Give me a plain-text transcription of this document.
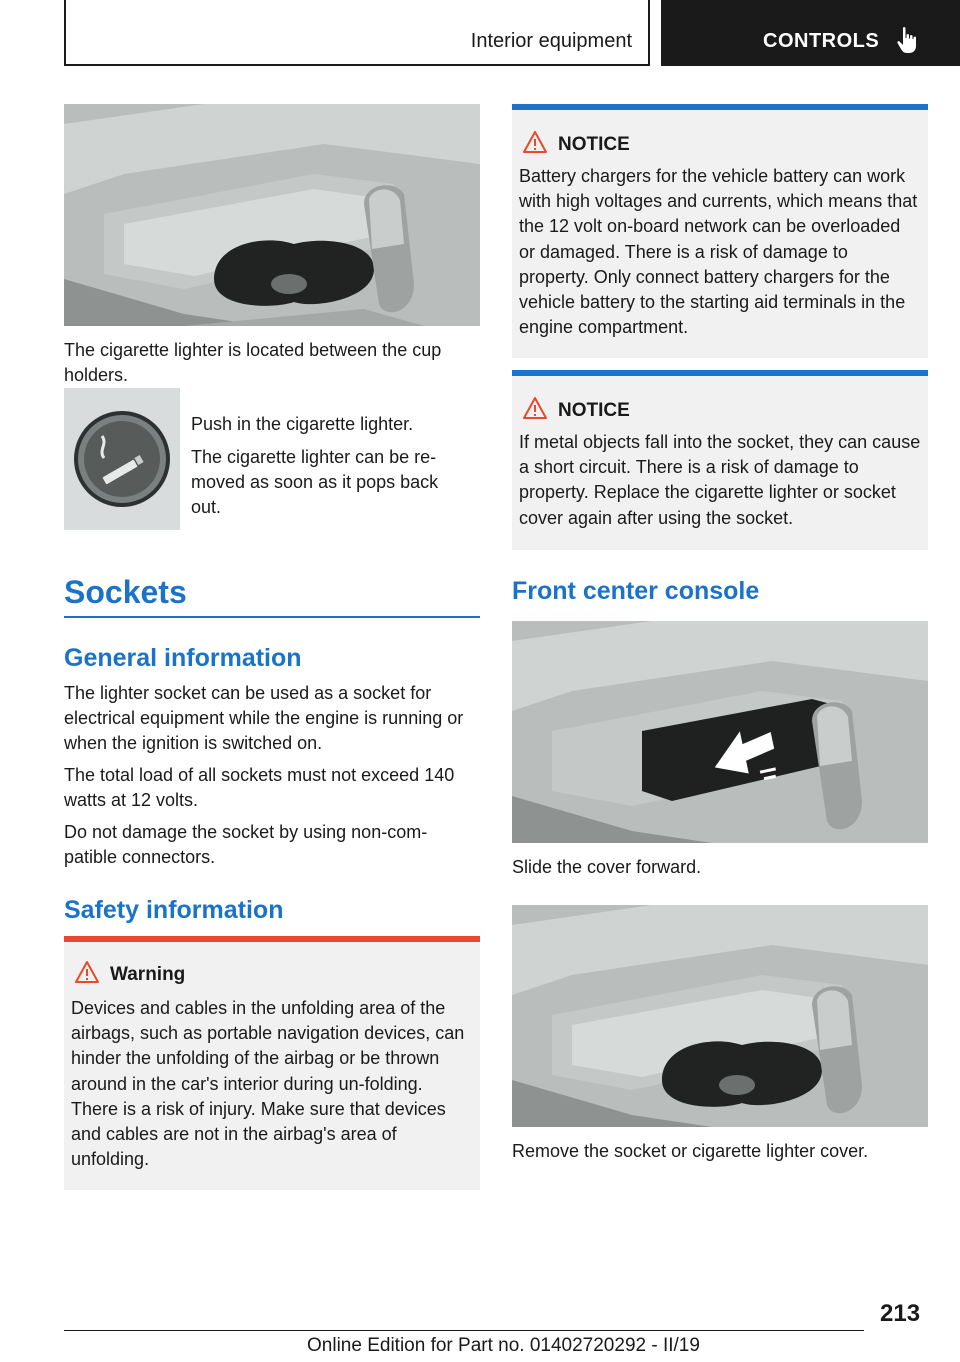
Interior equipment	CONTROLS
The cigarette lighter is located between the cup holders.
Push in the cigarette lighter.
The cigarette lighter can be re-moved as soon as it pops back out.
Sockets
General information
The lighter socket can be used as a socket for electrical equipment while the engine is running or when the ignition is switched on.
The total load of all sockets must not exceed 140 watts at 12 volts.
Do not damage the socket by using non-com-patible connectors.
Safety information
Warning
Devices and cables in the unfolding area of the airbags, such as portable navigation devices, can hinder the unfolding of the airbag or be thrown around in the car's interior during un-folding. There is a risk of injury. Make sure that devices and cables are not in the airbag's area of unfolding.
NOTICE
Battery chargers for the vehicle battery can work with high voltages and currents, which means that the 12 volt on-board network can be overloaded or damaged. There is a risk of damage to property. Only connect battery chargers for the vehicle battery to the starting aid terminals in the engine compartment.
NOTICE
If metal objects fall into the socket, they can cause a short circuit. There is a risk of damage to property. Replace the cigarette lighter or socket cover again after using the socket.
Front center console
Slide the cover forward.
Remove the socket or cigarette lighter cover.
213
Online Edition for Part no. 01402720292 - II/19
